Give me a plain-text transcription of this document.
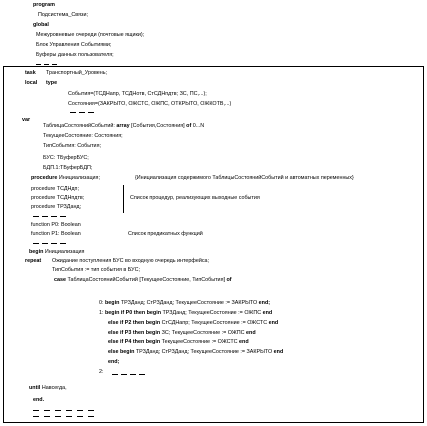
program
Подсистема_Связи;
global
Межуровневые очереди (почтовые ящики);
Блок Управления Событиями;
Буферы данных пользователя;
task Транспортный_Уровень;
local type
События=(ТСДНапр, ТСДНотв, СтСДНпдтв; ЗС, ПС,...);
Состояния=(ЗАКРЫТО, ОЖСТС, ОЖПС, ОТКРЫТО, ОЖКОТВ,...)
var
ТаблицаСостоянийСобытий: array [События,Состояния] of 0...N
ТекущееСостояние: Состояния;
ТипСобытия: События;
БУС: ТБуферБУС;
БДП.1:ТБуферБДП;
procedure Инициализация;	{Инициализация содержимого ТаблицыСостоянийСобытий и автоматных переменных}
procedure ТСДНдп;
procedure ТСДНпдтв;
procedure ТРЗДанд;
Список процедур, реализующих выходные события
function P0: Boolean
function P1: Boolean	Список предикатных функций
begin Инициализация
repeat Ожидание поступления БУС во входную очередь интерфейса;
ТипСобытия := тип события в БУС;
case ТаблицаСостоянийСобытий [ТекущееСостояние, ТипСобытия] of
0: begin ТРЗДанд; СтРЗДанд; ТекущееСостояние := ЗАКРЫТО end;
1: begin if P0 then begin ТРЗДанд; ТекущееСостояние := ОЖПС end
else if P2 then begin СтСДНапр; ТекущееСостояние := ОЖСТС end
else if P3 then begin ЗС; ТекущееСостояние := ОЖПС end
else if P4 then begin ТекущееСостояние := ОЖСТС end
else begin ТРЗДанд; СтРЗДанд; ТекущееСостояние := ЗАКРЫТО end
end;
2:
until Навсегда,
end.
